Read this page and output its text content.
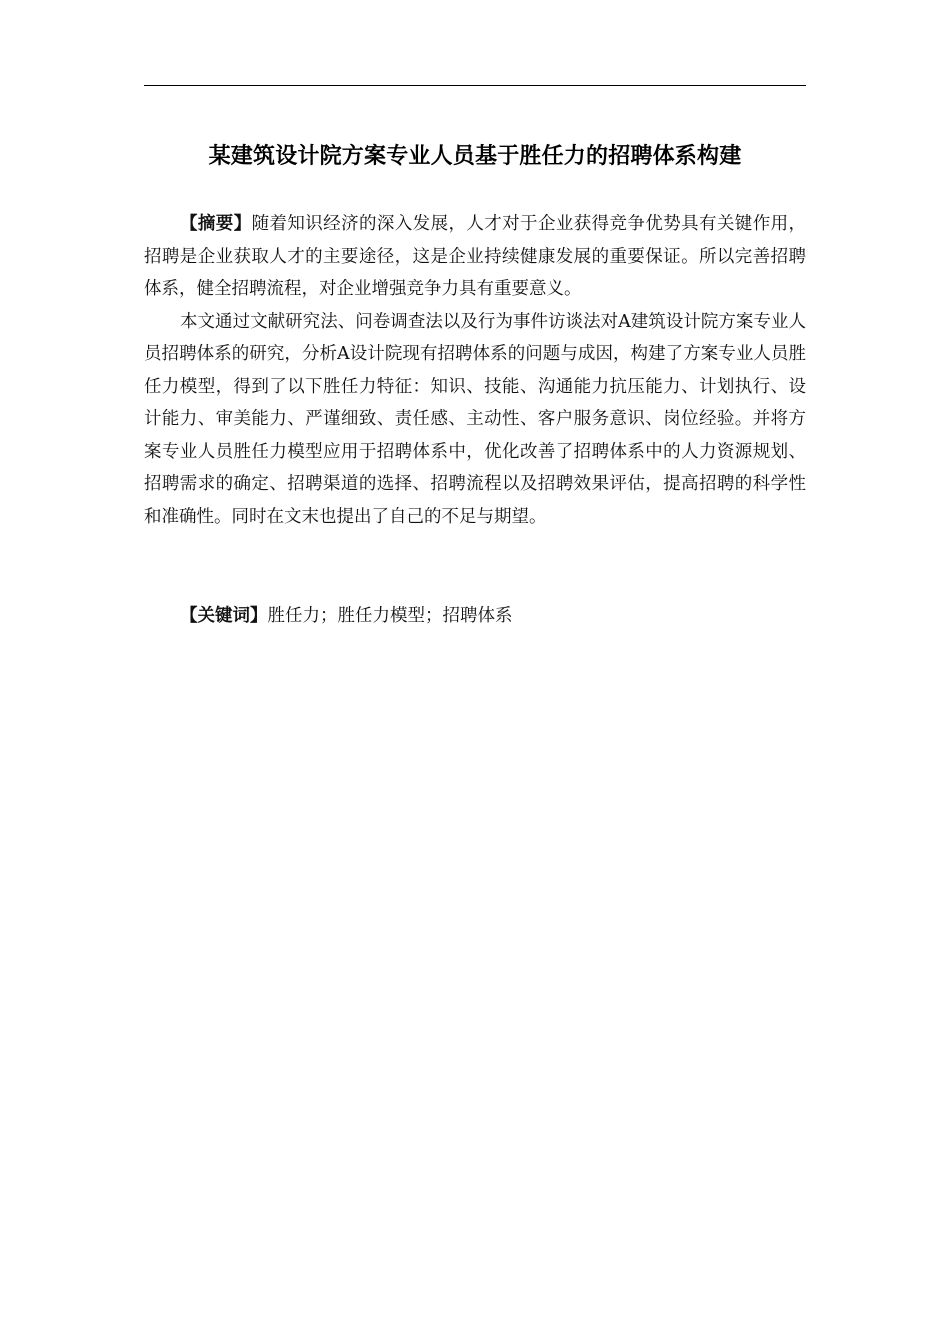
某建筑设计院方案专业人员基于胜任力的招聘体系构建

【摘要】随着知识经济的深入发展，人才对于企业获得竞争优势具有关键作用，招聘是企业获取人才的主要途径，这是企业持续健康发展的重要保证。所以完善招聘体系，健全招聘流程，对企业增强竞争力具有重要意义。

本文通过文献研究法、问卷调查法以及行为事件访谈法对A建筑设计院方案专业人员招聘体系的研究，分析A设计院现有招聘体系的问题与成因，构建了方案专业人员胜任力模型，得到了以下胜任力特征：知识、技能、沟通能力抗压能力、计划执行、设计能力、审美能力、严谨细致、责任感、主动性、客户服务意识、岗位经验。并将方案专业人员胜任力模型应用于招聘体系中，优化改善了招聘体系中的人力资源规划、招聘需求的确定、招聘渠道的选择、招聘流程以及招聘效果评估，提高招聘的科学性和准确性。同时在文末也提出了自己的不足与期望。

【关键词】胜任力；胜任力模型；招聘体系
